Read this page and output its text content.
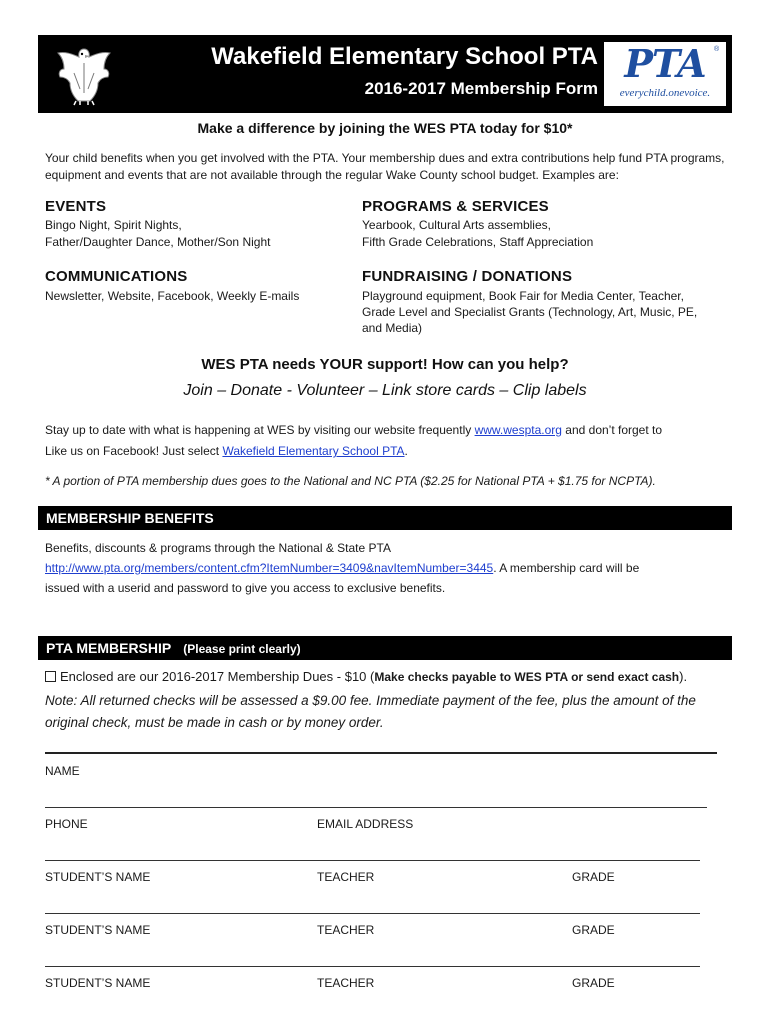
Wakefield Elementary School PTA
2016-2017 Membership Form
PTA	®
everychild.onevoice.
Make a difference by joining the WES PTA today for $10*
Your child benefits when you get involved with the PTA. Your membership dues and extra contributions help fund PTA programs, equipment and events that are not available through the regular Wake County school budget. Examples are:
EVENTS
Bingo Night, Spirit Nights,
Father/Daughter Dance, Mother/Son Night
PROGRAMS & SERVICES
Yearbook, Cultural Arts assemblies,
Fifth Grade Celebrations, Staff Appreciation
COMMUNICATIONS
Newsletter, Website, Facebook, Weekly E-mails
FUNDRAISING / DONATIONS
Playground equipment, Book Fair for Media Center, Teacher,
Grade Level and Specialist Grants (Technology, Art, Music, PE,
and Media)
WES PTA needs YOUR support! How can you help?
Join – Donate - Volunteer – Link store cards – Clip labels
Stay up to date with what is happening at WES by visiting our website frequently www.wespta.org and don’t forget to
Like us on Facebook! Just select Wakefield Elementary School PTA.
* A portion of PTA membership dues goes to the National and NC PTA ($2.25 for National PTA + $1.75 for NCPTA).
MEMBERSHIP BENEFITS
Benefits, discounts & programs through the National & State PTA
http://www.pta.org/members/content.cfm?ItemNumber=3409&navItemNumber=3445. A membership card will be
issued with a userid and password to give you access to exclusive benefits.
PTA MEMBERSHIP (Please print clearly)
Enclosed are our 2016-2017 Membership Dues - $10 (Make checks payable to WES PTA or send exact cash).
Note: All returned checks will be assessed a $9.00 fee. Immediate payment of the fee, plus the amount of the
original check, must be made in cash or by money order.
NAME
PHONE	EMAIL ADDRESS
STUDENT’S NAME	TEACHER	GRADE
STUDENT’S NAME	TEACHER	GRADE
STUDENT’S NAME	TEACHER	GRADE
